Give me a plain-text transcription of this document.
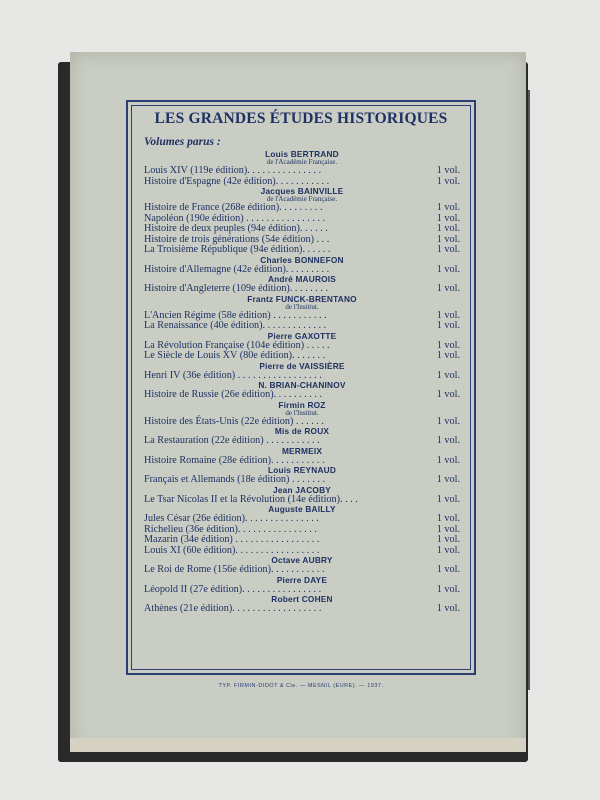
LES GRANDES ÉTUDES HISTORIQUES
Volumes parus :
Louis BERTRAND
de l'Académie Française.
Louis XIV (119e édition). . . . . . . . . . . . . . .	1 vol.
Histoire d'Espagne (42e édition). . . . . . . . . . .	1 vol.
Jacques BAINVILLE
de l'Académie Française.
Histoire de France (268e édition). . . . . . . . .	1 vol.
Napoléon (190e édition) . . . . . . . . . . . . . . . .	1 vol.
Histoire de deux peuples (94e édition). . . . . .	1 vol.
Histoire de trois générations (54e édition) . . .	1 vol.
La Troisième République (94e édition). . . . . .	1 vol.
Charles BONNEFON
Histoire d'Allemagne (42e édition). . . . . . . . .	1 vol.
André MAUROIS
Histoire d'Angleterre (109e édition). . . . . . . .	1 vol.
Frantz FUNCK-BRENTANO
de l'Institut.
L'Ancien Régime (58e édition) . . . . . . . . . . .	1 vol.
La Renaissance (40e édition). . . . . . . . . . . . .	1 vol.
Pierre GAXOTTE
La Révolution Française (104e édition) . . . . .	1 vol.
Le Siècle de Louis XV (80e édition). . . . . . .	1 vol.
Pierre de VAISSIÈRE
Henri IV (36e édition) . . . . . . . . . . . . . . . . .	1 vol.
N. BRIAN-CHANINOV
Histoire de Russie (26e édition). . . . . . . . . .	1 vol.
Firmin ROZ
de l'Institut.
Histoire des États-Unis (22e édition) . . . . . .	1 vol.
Mis de ROUX
La Restauration (22e édition) . . . . . . . . . . .	1 vol.
MERMEIX
Histoire Romaine (28e édition). . . . . . . . . . .	1 vol.
Louis REYNAUD
Français et Allemands (18e édition) . . . . . . .	1 vol.
Jean JACOBY
Le Tsar Nicolas II et la Révolution (14e édition). . . .	1 vol.
Auguste BAILLY
Jules César (26e édition). . . . . . . . . . . . . . .	1 vol.
Richelieu (36e édition). . . . . . . . . . . . . . . .	1 vol.
Mazarin (34e édition) . . . . . . . . . . . . . . . . .	1 vol.
Louis XI (60e édition). . . . . . . . . . . . . . . . .	1 vol.
Octave AUBRY
Le Roi de Rome (156e édition). . . . . . . . . . .	1 vol.
Pierre DAYE
Léopold II (27e édition). . . . . . . . . . . . . . . .	1 vol.
Robert COHEN
Athènes (21e édition). . . . . . . . . . . . . . . . . .	1 vol.
TYP. FIRMIN-DIDOT & Cie. — MESNIL (EURE). — 1937.
